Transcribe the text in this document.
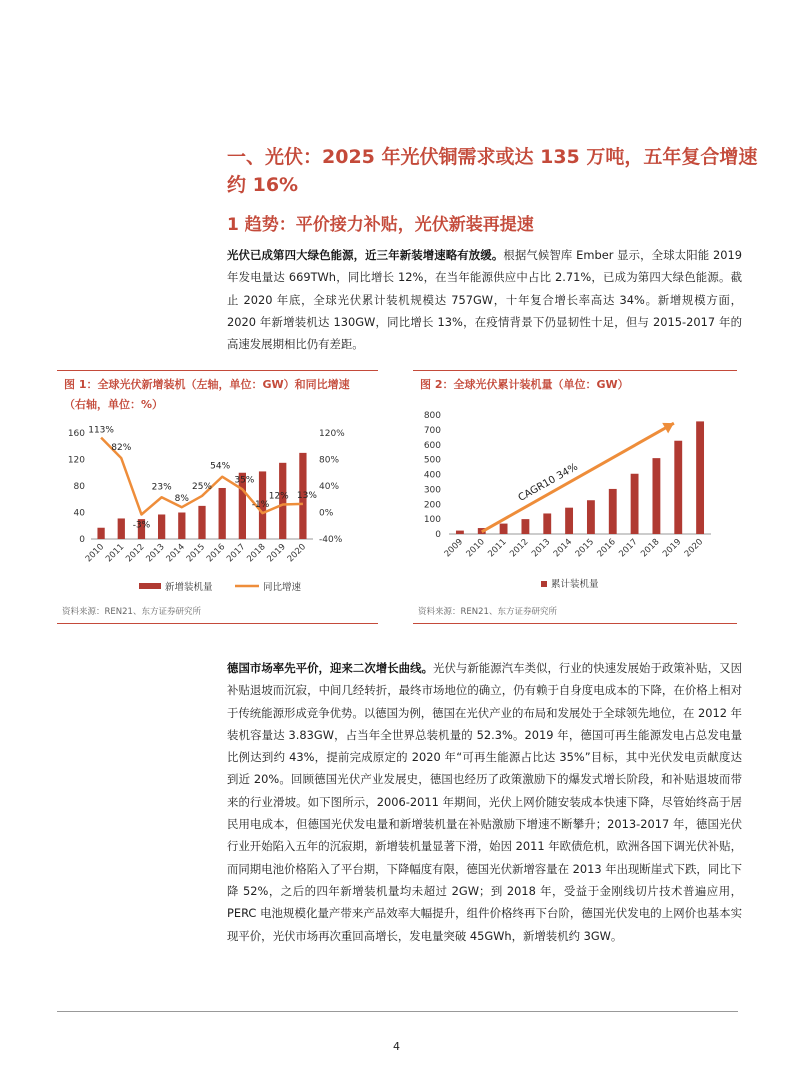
一、光伏：2025 年光伏铜需求或达 135 万吨，五年复合增速约 16%
1 趋势：平价接力补贴，光伏新装再提速

光伏已成第四大绿色能源，近三年新装增速略有放缓。根据气候智库 Ember 显示，全球太阳能 2019 年发电量达 669TWh，同比增长 12%，在当年能源供应中占比 2.71%，已成为第四大绿色能源。截止 2020 年底，全球光伏累计装机规模达 757GW，十年复合增长率高达 34%。新增规模方面，2020 年新增装机达 130GW，同比增长 13%，在疫情背景下仍显韧性十足，但与 2015-2017 年的高速发展期相比仍有差距。

图 1：全球光伏新增装机（左轴，单位：GW）和同比增速（右轴，单位：%）
0
40
80
120
160
-40%
0%
40%
80%
120%
2010
2011
2012
2013
2014
2015
2016
2017
2018
2019
2020
113%
82%
-3%
23%
8%
25%
54%
35%
-1%
12% 13%
新增装机量	同比增速
资料来源：REN21、东方证券研究所
图 2：全球光伏累计装机量（单位：GW）
0
100
200
300
400
500
600
700
800
2009 2010 2011 2012 2013 2014 2015 2016 2017 2018 2019 2020
CAGR10 34%
累计装机量
资料来源：REN21、东方证券研究所

德国市场率先平价，迎来二次增长曲线。光伏与新能源汽车类似，行业的快速发展始于政策补贴，又因补贴退坡而沉寂，中间几经转折，最终市场地位的确立，仍有赖于自身度电成本的下降，在价格上相对于传统能源形成竞争优势。以德国为例，德国在光伏产业的布局和发展处于全球领先地位，在 2012 年装机容量达 3.83GW，占当年全世界总装机量的 52.3%。2019 年，德国可再生能源发电占总发电量比例达到约 43%，提前完成原定的 2020 年“可再生能源占比达 35%”目标，其中光伏发电贡献度达到近 20%。回顾德国光伏产业发展史，德国也经历了政策激励下的爆发式增长阶段，和补贴退坡而带来的行业滑坡。如下图所示，2006-2011 年期间，光伏上网价随安装成本快速下降，尽管始终高于居民用电成本，但德国光伏发电量和新增装机量在补贴激励下增速不断攀升；2013-2017 年，德国光伏行业开始陷入五年的沉寂期，新增装机量显著下滑，始因 2011 年欧债危机，欧洲各国下调光伏补贴，而同期电池价格陷入了平台期，下降幅度有限，德国光伏新增容量在 2013 年出现断崖式下跌，同比下降 52%，之后的四年新增装机量均未超过 2GW；到 2018 年，受益于金刚线切片技术普遍应用，PERC 电池规模化量产带来产品效率大幅提升，组件价格终再下台阶，德国光伏发电的上网价也基本实现平价，光伏市场再次重回高增长，发电量突破 45GWh，新增装机约 3GW。

4
